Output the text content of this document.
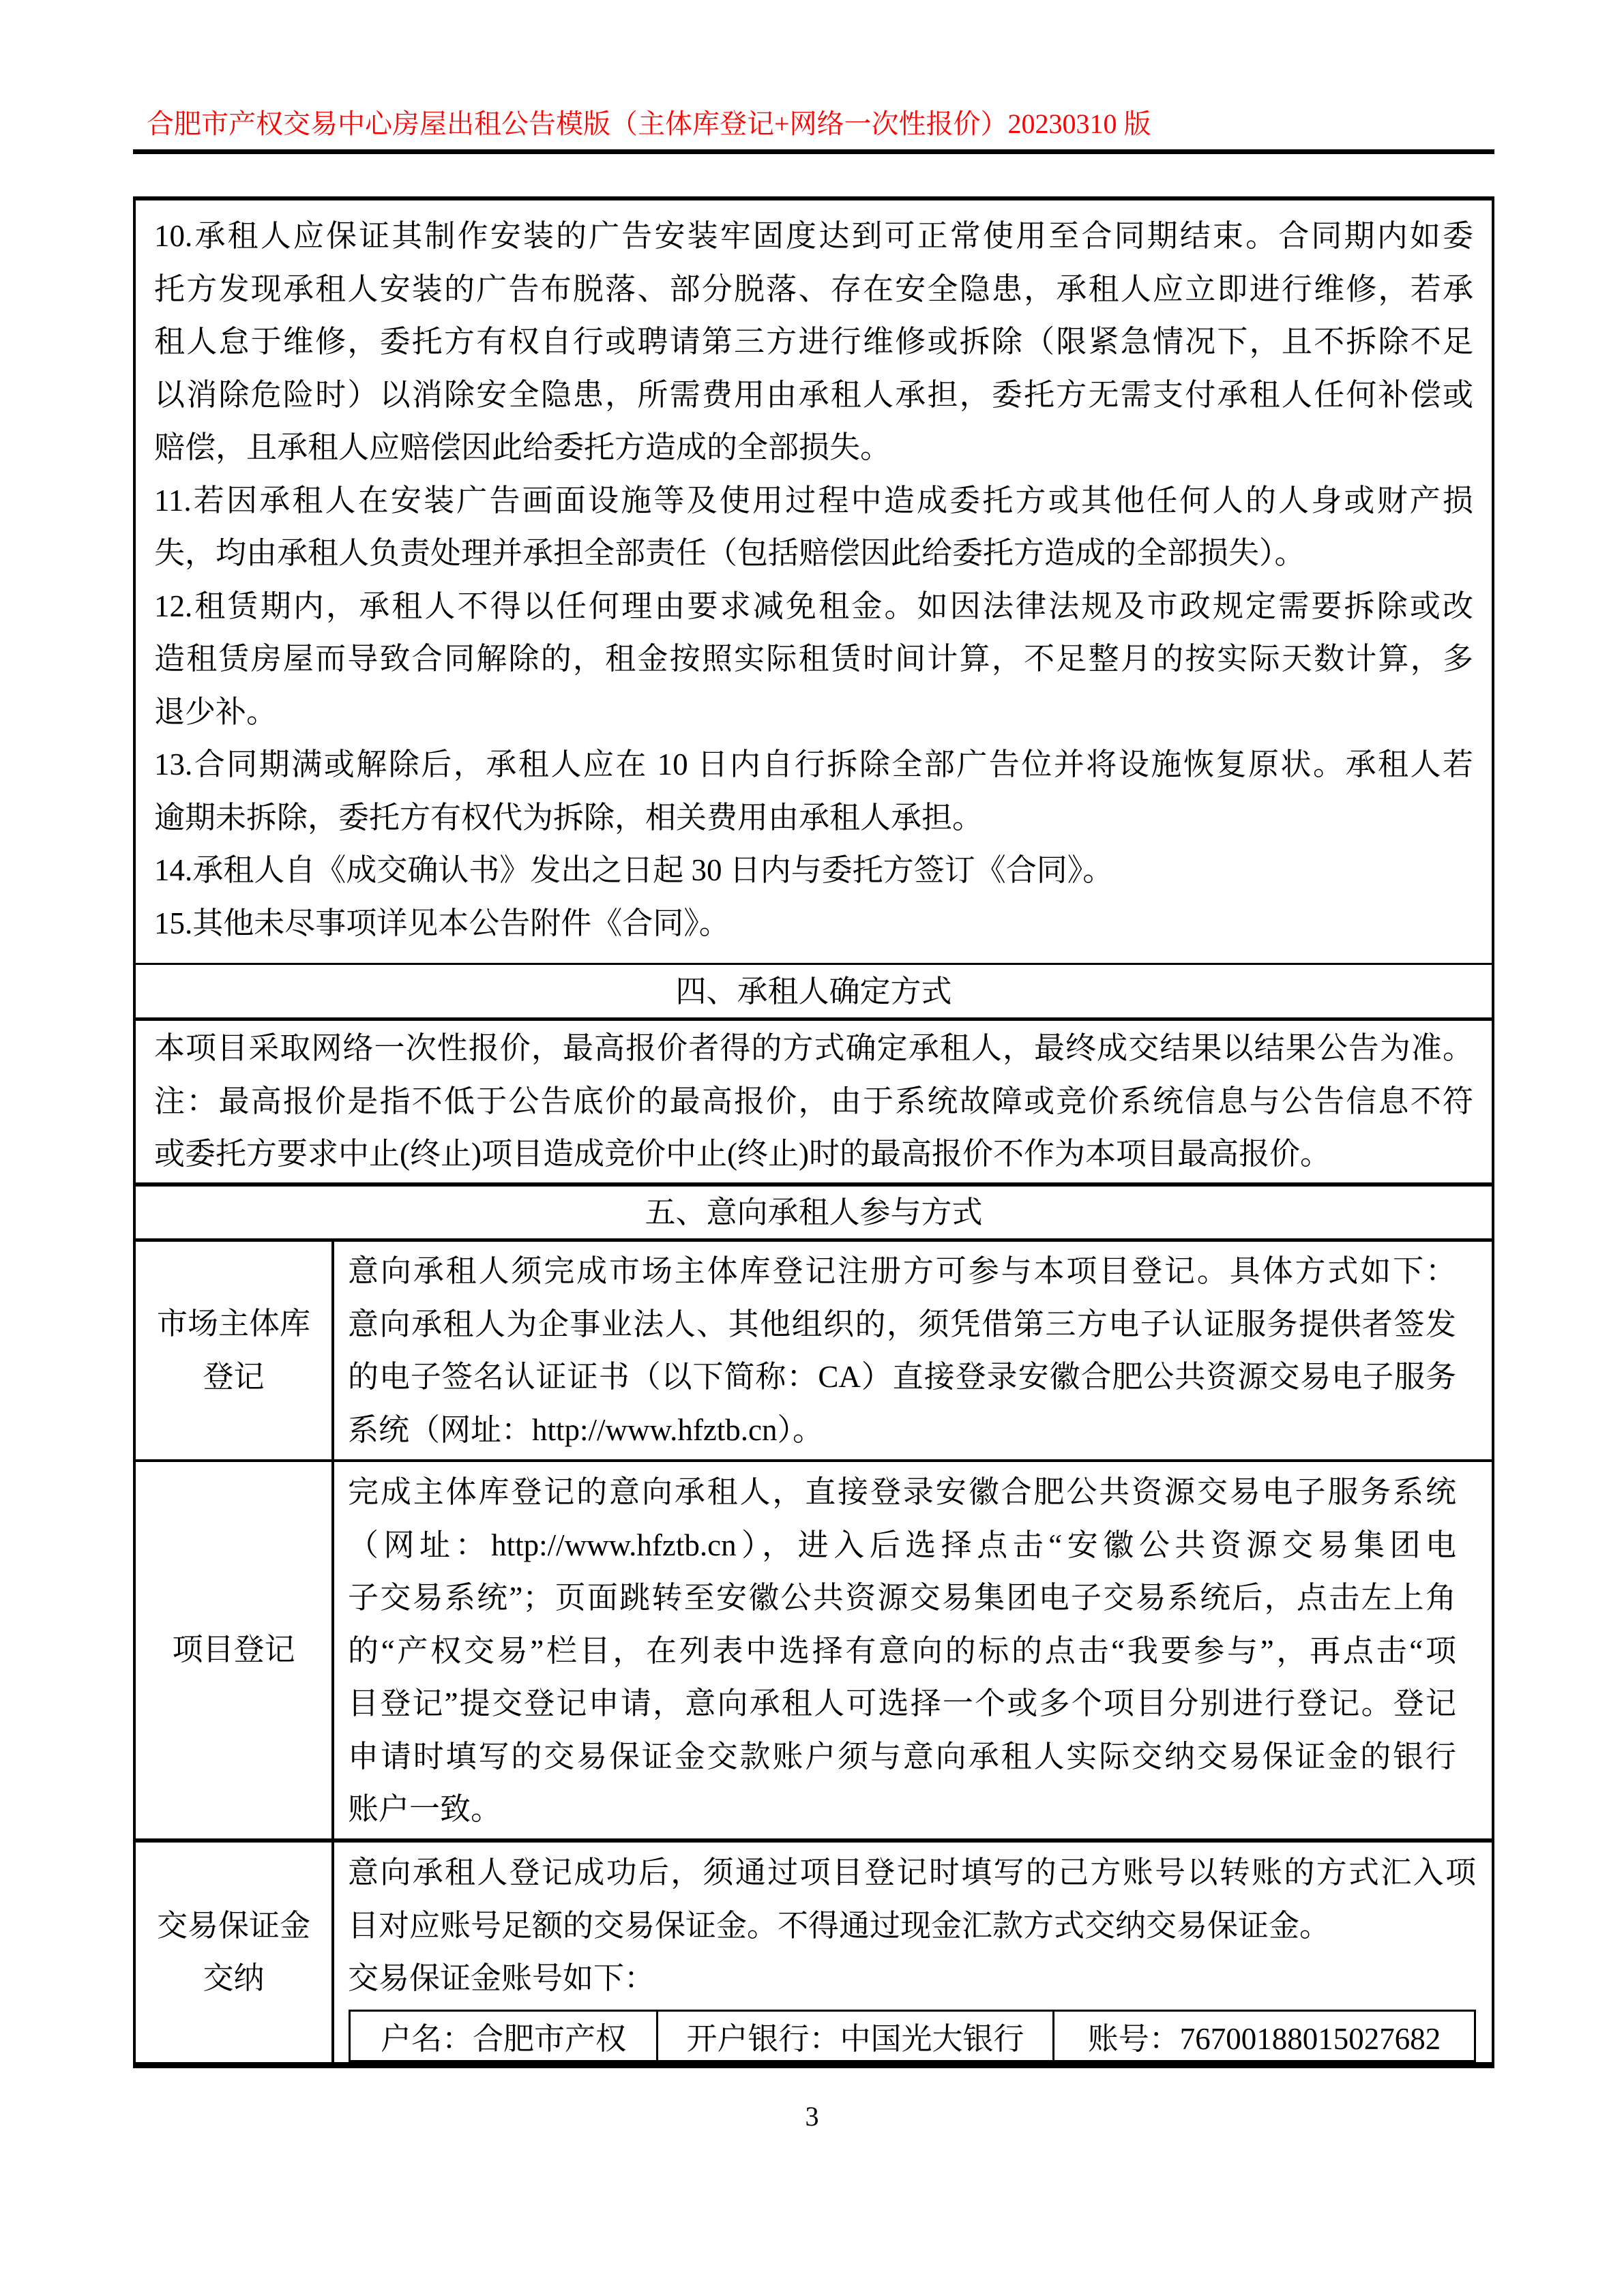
合肥市产权交易中心房屋出租公告模版（主体库登记+网络一次性报价）20230310 版
10.承租人应保证其制作安装的广告安装牢固度达到可正常使用至合同期结束。合同期内如委
托方发现承租人安装的广告布脱落、部分脱落、存在安全隐患，承租人应立即进行维修，若承
租人怠于维修，委托方有权自行或聘请第三方进行维修或拆除（限紧急情况下，且不拆除不足
以消除危险时）以消除安全隐患，所需费用由承租人承担，委托方无需支付承租人任何补偿或
赔偿，且承租人应赔偿因此给委托方造成的全部损失。
11.若因承租人在安装广告画面设施等及使用过程中造成委托方或其他任何人的人身或财产损
失，均由承租人负责处理并承担全部责任（包括赔偿因此给委托方造成的全部损失）。
12.租赁期内，承租人不得以任何理由要求减免租金。如因法律法规及市政规定需要拆除或改
造租赁房屋而导致合同解除的，租金按照实际租赁时间计算，不足整月的按实际天数计算，多
退少补。
13.合同期满或解除后，承租人应在 10 日内自行拆除全部广告位并将设施恢复原状。承租人若
逾期未拆除，委托方有权代为拆除，相关费用由承租人承担。
14.承租人自《成交确认书》发出之日起 30 日内与委托方签订《合同》。
15.其他未尽事项详见本公告附件《合同》。
四、承租人确定方式
本项目采取网络一次性报价，最高报价者得的方式确定承租人，最终成交结果以结果公告为准。
注：最高报价是指不低于公告底价的最高报价，由于系统故障或竞价系统信息与公告信息不符
或委托方要求中止(终止)项目造成竞价中止(终止)时的最高报价不作为本项目最高报价。
五、意向承租人参与方式
市场主体库
登记
意向承租人须完成市场主体库登记注册方可参与本项目登记。具体方式如下：
意向承租人为企事业法人、其他组织的，须凭借第三方电子认证服务提供者签发
的电子签名认证证书（以下简称：CA）直接登录安徽合肥公共资源交易电子服务
系统（网址：http://www.hfztb.cn）。
项目登记
完成主体库登记的意向承租人，直接登录安徽合肥公共资源交易电子服务系统
（网址：http://www.hfztb.cn），进入后选择点击“安徽公共资源交易集团电
子交易系统”；页面跳转至安徽公共资源交易集团电子交易系统后，点击左上角
的“产权交易”栏目，在列表中选择有意向的标的点击“我要参与”，再点击“项
目登记”提交登记申请，意向承租人可选择一个或多个项目分别进行登记。登记
申请时填写的交易保证金交款账户须与意向承租人实际交纳交易保证金的银行
账户一致。
交易保证金
交纳
意向承租人登记成功后，须通过项目登记时填写的己方账号以转账的方式汇入项
目对应账号足额的交易保证金。不得通过现金汇款方式交纳交易保证金。
交易保证金账号如下：
户名：合肥市产权	开户银行：中国光大银行	账号：76700188015027682
3
